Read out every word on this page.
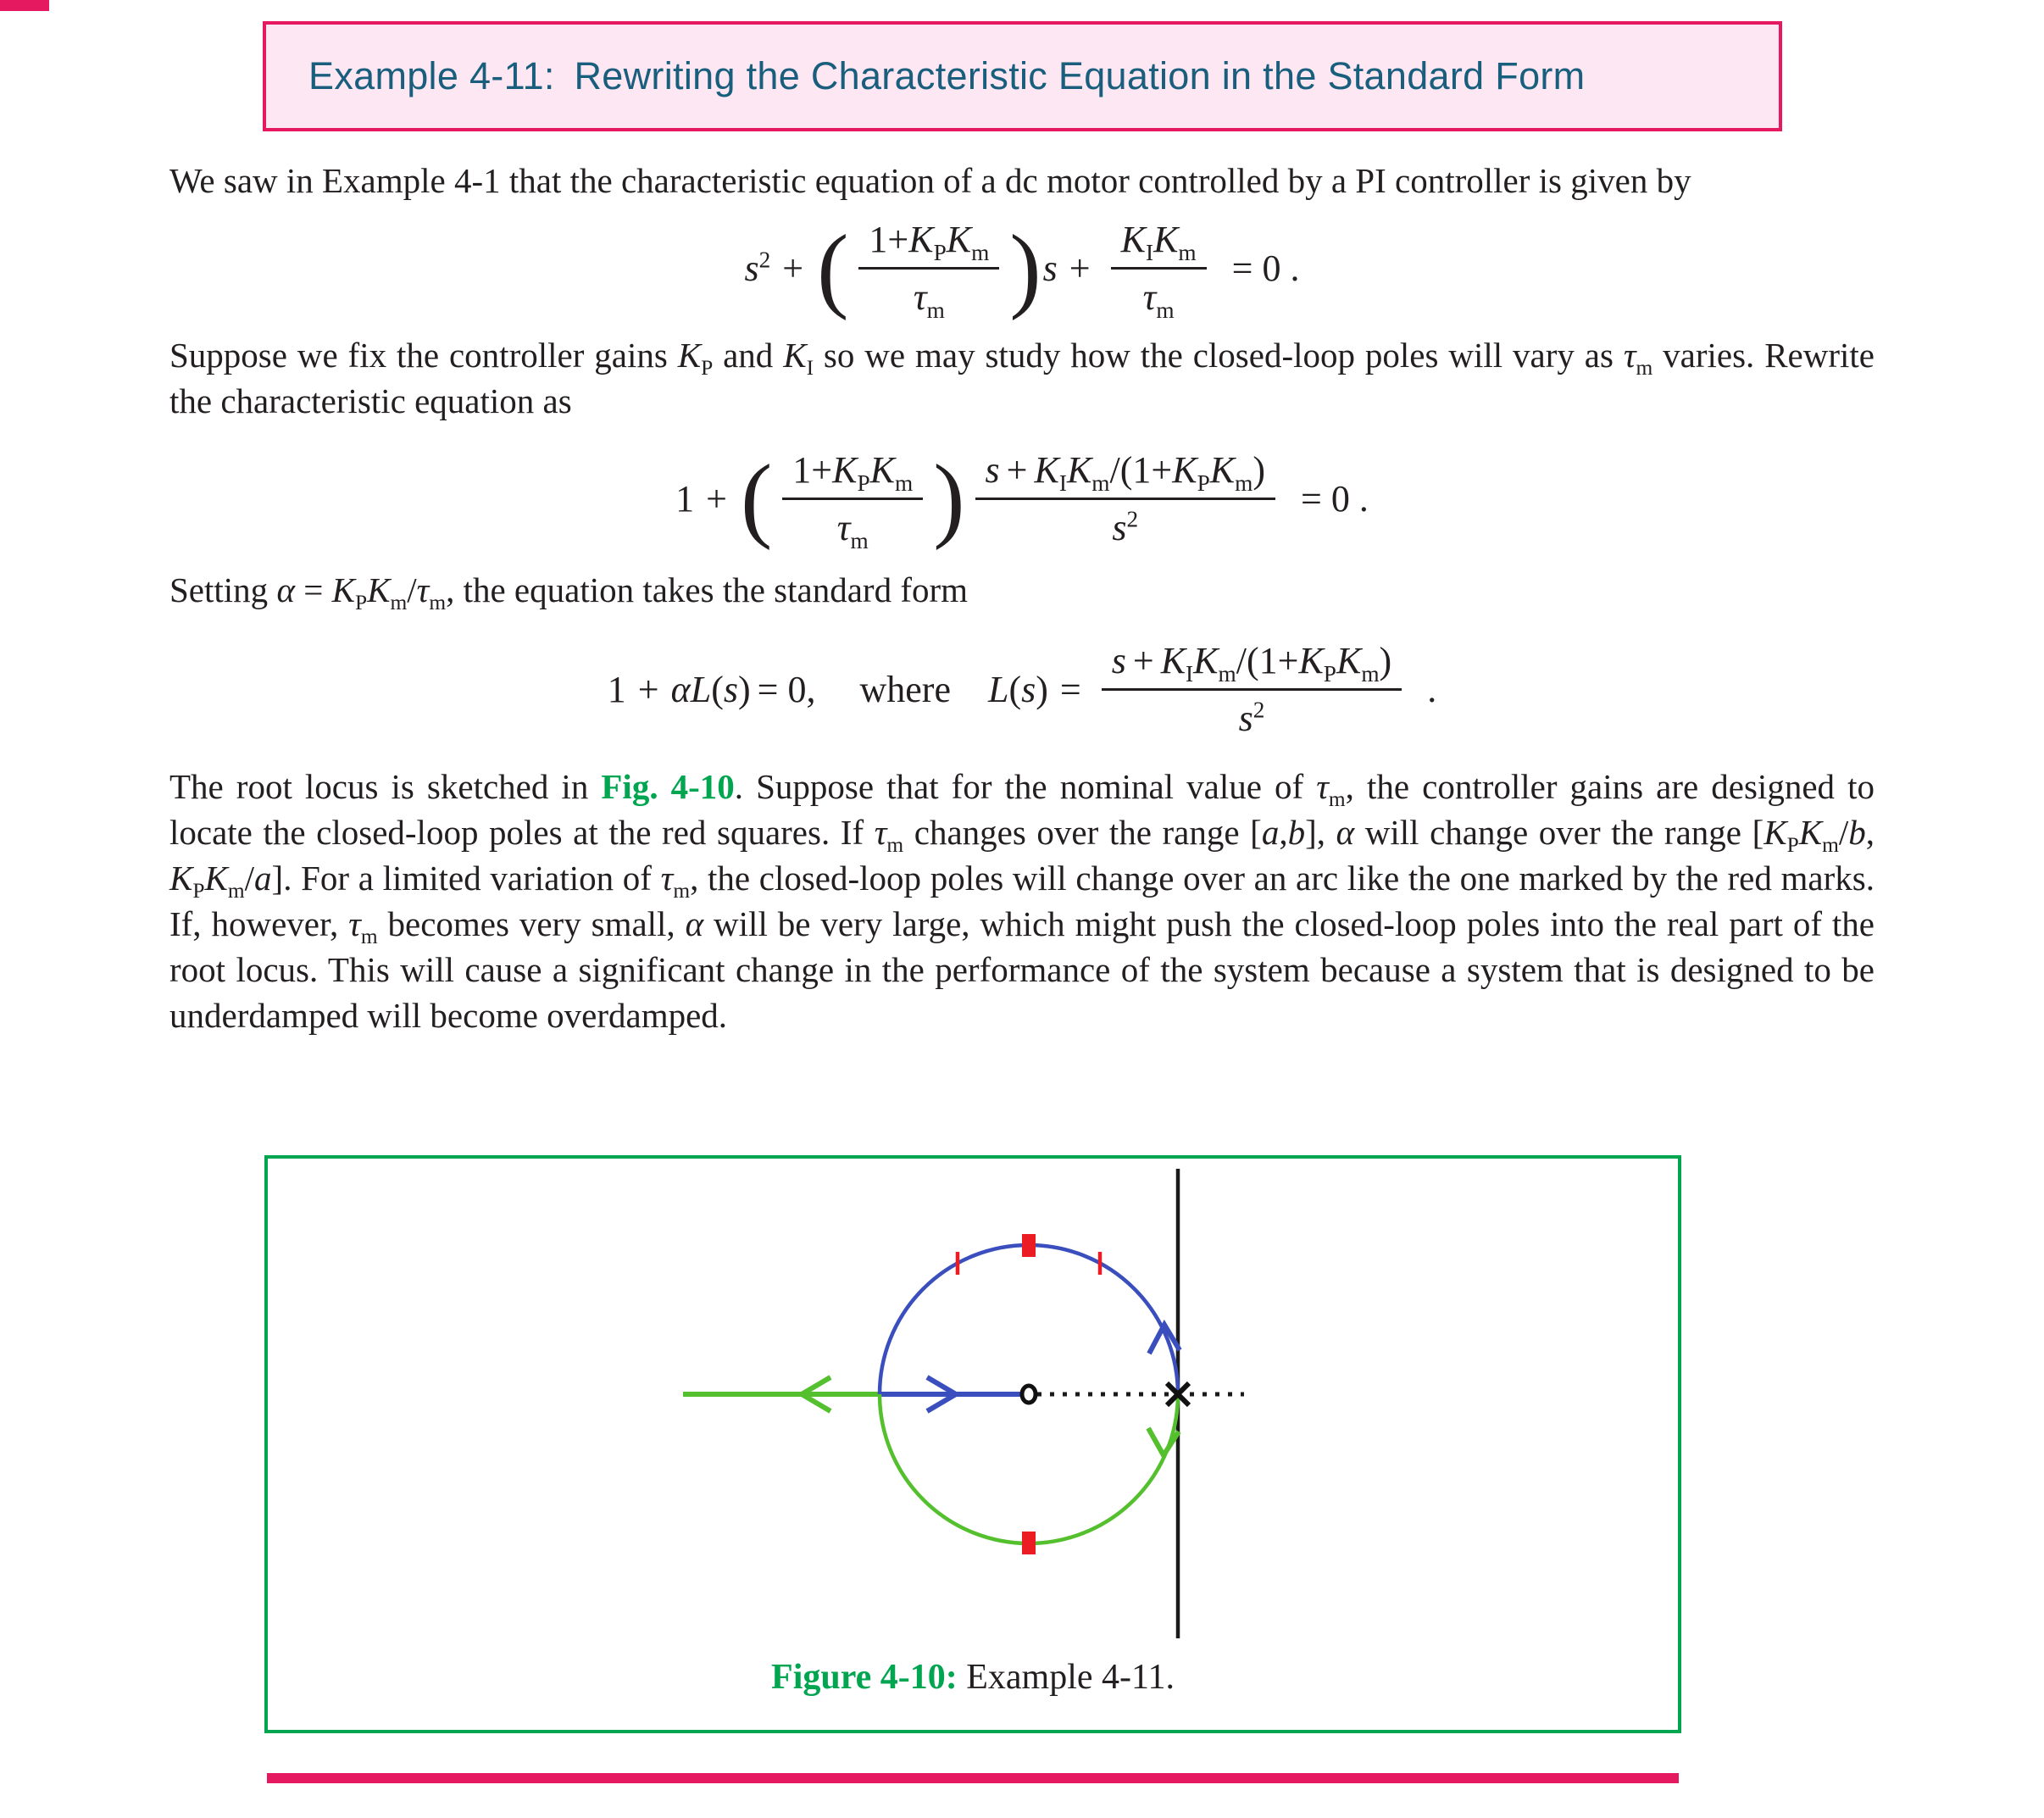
Example 4-11: Rewriting the Characteristic Equation in the Standard Form

We saw in Example 4-1 that the characteristic equation of a dc motor controlled by a PI controller is given by

$s^2$ + ( $\frac{1+K_PK_m}{\tau_m}$ ) $s + \frac{K_IK_m}{\tau_m} = 0$ .

Suppose we fix the controller gains $K_P$ and $K_I$ so we may study how the closed-loop poles will vary as $\tau_m$ varies. Rewrite the characteristic equation as

1 + ( $\frac{1+K_PK_m}{\tau_m}$ ) $\frac{s + K_IK_m/(1+K_PK_m)}{s^2} = 0$ .

Setting $\alpha = K_PK_m/\tau_m$, the equation takes the standard form

1 + αL(s) = 0, where $L(s) = \frac{s + K_IK_m/(1+K_PK_m)}{s^2}$ .

The root locus is sketched in Fig. 4-10. Suppose that for the nominal value of $\tau_m$, the controller gains are designed to locate the closed-loop poles at the red squares. If $\tau_m$ changes over the range [a,b], α will change over the range [$K_PK_m/b$, $K_PK_m/a$]. For a limited variation of $\tau_m$, the closed-loop poles will change over an arc like the one marked by the red marks. If, however, $\tau_m$ becomes very small, α will be very large, which might push the closed-loop poles into the real part of the root locus. This will cause a significant change in the performance of the system because a system that is designed to be underdamped will become overdamped.

Figure 4-10: Example 4-11.
